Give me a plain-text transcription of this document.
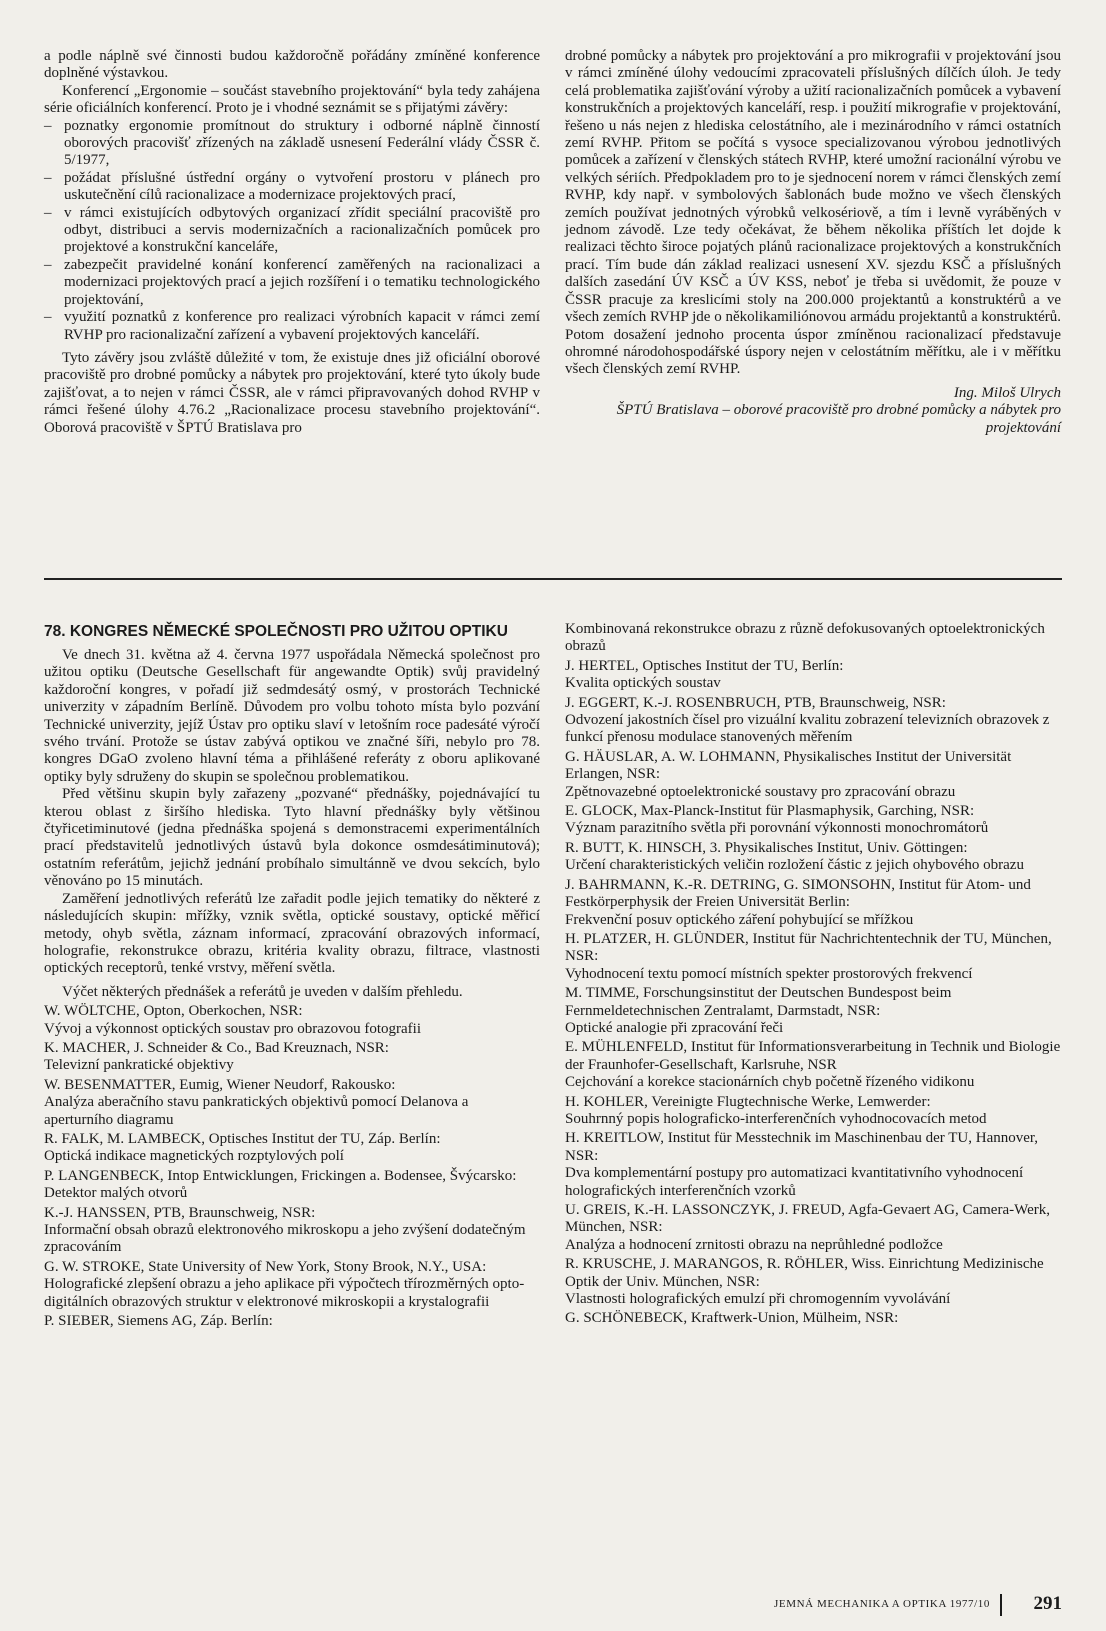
a podle náplně své činnosti budou každoročně pořádány zmíněné konference doplněné výstavkou.

Konferencí „Ergonomie – součást stavebního projektování“ byla tedy zahájena série oficiálních konferencí. Proto je i vhodné seznámit se s přijatými závěry:

– poznatky ergonomie promítnout do struktury i odborné náplně činností oborových pracovišť zřízených na základě usnesení Federální vlády ČSSR č. 5/1977,
– požádat příslušné ústřední orgány o vytvoření prostoru v plánech pro uskutečnění cílů racionalizace a modernizace projektových prací,
– v rámci existujících odbytových organizací zřídit speciální pracoviště pro odbyt, distribuci a servis modernizačních a racionalizačních pomůcek pro projektové a konstrukční kanceláře,
– zabezpečit pravidelné konání konferencí zaměřených na racionalizaci a modernizaci projektových prací a jejich rozšíření i o tematiku technologického projektování,
– využití poznatků z konference pro realizaci výrobních kapacit v rámci zemí RVHP pro racionalizační zařízení a vybavení projektových kanceláří.

Tyto závěry jsou zvláště důležité v tom, že existuje dnes již oficiální oborové pracoviště pro drobné pomůcky a nábytek pro projektování, které tyto úkoly bude zajišťovat, a to nejen v rámci ČSSR, ale v rámci připravovaných dohod RVHP v rámci řešené úlohy 4.76.2 „Racionalizace procesu stavebního projektování“. Oborová pracoviště v ŠPTÚ Bratislava pro

drobné pomůcky a nábytek pro projektování a pro mikrografii v projektování jsou v rámci zmíněné úlohy vedoucími zpracovateli příslušných dílčích úloh. Je tedy celá problematika zajišťování výroby a užití racionalizačních pomůcek a vybavení konstrukčních a projektových kanceláří, resp. i použití mikrografie v projektování, řešeno u nás nejen z hlediska celostátního, ale i mezinárodního v rámci ostatních zemí RVHP. Přitom se počítá s vysoce specializovanou výrobou jednotlivých pomůcek a zařízení v členských státech RVHP, které umožní racionální výrobu ve velkých sériích. Předpokladem pro to je sjednocení norem v rámci členských zemí RVHP, kdy např. v symbolových šablonách bude možno ve všech členských zemích používat jednotných výrobků velkosériově, a tím i levně vyráběných v jednom závodě. Lze tedy očekávat, že během několika příštích let dojde k realizaci těchto široce pojatých plánů racionalizace projektových a konstrukčních prací. Tím bude dán základ realizaci usnesení XV. sjezdu KSČ a příslušných dalších zasedání ÚV KSČ a ÚV KSS, neboť je třeba si uvědomit, že pouze v ČSSR pracuje za kreslicími stoly na 200.000 projektantů a konstruktérů a ve všech zemích RVHP jde o několikamiliónovou armádu projektantů a konstruktérů. Potom dosažení jednoho procenta úspor zmíněnou racionalizací představuje ohromné národohospodářské úspory nejen v celostátním měřítku, ale i v měřítku všech členských zemí RVHP.

Ing. Miloš Ulrych

ŠPTÚ Bratislava – oborové pracoviště pro drobné pomůcky a nábytek pro projektování

78. KONGRES NĚMECKÉ SPOLEČNOSTI PRO UŽITOU OPTIKU

Ve dnech 31. května až 4. června 1977 uspořádala Německá společnost pro užitou optiku (Deutsche Gesellschaft für angewandte Optik) svůj pravidelný každoroční kongres, v pořadí již sedmdesátý osmý, v prostorách Technické univerzity v západním Berlíně. Důvodem pro volbu tohoto místa bylo pozvání Technické univerzity, jejíž Ústav pro optiku slaví v letošním roce padesáté výročí svého trvání. Protože se ústav zabývá optikou ve značné šíři, nebylo pro 78. kongres DGaO zvoleno hlavní téma a přihlášené referáty z oboru aplikované optiky byly sdruženy do skupin se společnou problematikou.

Před většinu skupin byly zařazeny „pozvané“ přednášky, pojednávající tu kterou oblast z širšího hlediska. Tyto hlavní přednášky byly většinou čtyřicetiminutové (jedna přednáška spojená s demonstracemi experimentálních prací představitelů jednotlivých ústavů byla dokonce osmdesátiminutová); ostatním referátům, jejichž jednání probíhalo simultánně ve dvou sekcích, bylo věnováno po 15 minutách.

Zaměření jednotlivých referátů lze zařadit podle jejich tematiky do některé z následujících skupin: mřížky, vznik světla, optické soustavy, optické měřicí metody, ohyb světla, záznam informací, zpracování obrazových informací, holografie, rekonstrukce obrazu, kritéria kvality obrazu, filtrace, vlastnosti optických receptorů, tenké vrstvy, měření světla.

Výčet některých přednášek a referátů je uveden v dalším přehledu.

W. WÖLTCHE, Opton, Oberkochen, NSR:
Vývoj a výkonnost optických soustav pro obrazovou fotografii
K. MACHER, J. Schneider & Co., Bad Kreuznach, NSR:
Televizní pankratické objektivy
W. BESENMATTER, Eumig, Wiener Neudorf, Rakousko:
Analýza aberačního stavu pankratických objektivů pomocí Delanova a aperturního diagramu
R. FALK, M. LAMBECK, Optisches Institut der TU, Záp. Berlín:
Optická indikace magnetických rozptylových polí
P. LANGENBECK, Intop Entwicklungen, Frickingen a. Bodensee, Švýcarsko:
Detektor malých otvorů
K.-J. HANSSEN, PTB, Braunschweig, NSR:
Informační obsah obrazů elektronového mikroskopu a jeho zvýšení dodatečným zpracováním
G. W. STROKE, State University of New York, Stony Brook, N.Y., USA:
Holografické zlepšení obrazu a jeho aplikace při výpočtech třírozměrných opto-digitálních obrazových struktur v elektronové mikroskopii a krystalografii
P. SIEBER, Siemens AG, Záp. Berlín:
Kombinovaná rekonstrukce obrazu z různě defokusovaných optoelektronických obrazů
J. HERTEL, Optisches Institut der TU, Berlín:
Kvalita optických soustav
J. EGGERT, K.-J. ROSENBRUCH, PTB, Braunschweig, NSR:
Odvození jakostních čísel pro vizuální kvalitu zobrazení televizních obrazovek z funkcí přenosu modulace stanovených měřením
G. HÄUSLAR, A. W. LOHMANN, Physikalisches Institut der Universität Erlangen, NSR:
Zpětnovazebné optoelektronické soustavy pro zpracování obrazu
E. GLOCK, Max-Planck-Institut für Plasmaphysik, Garching, NSR:
Význam parazitního světla při porovnání výkonnosti monochromátorů
R. BUTT, K. HINSCH, 3. Physikalisches Institut, Univ. Göttingen:
Určení charakteristických veličin rozložení částic z jejich ohybového obrazu
J. BAHRMANN, K.-R. DETRING, G. SIMONSOHN, Institut für Atom- und Festkörperphysik der Freien Universität Berlin:
Frekvenční posuv optického záření pohybující se mřížkou
H. PLATZER, H. GLÜNDER, Institut für Nachrichtentechnik der TU, München, NSR:
Vyhodnocení textu pomocí místních spekter prostorových frekvencí
M. TIMME, Forschungsinstitut der Deutschen Bundespost beim Fernmeldetechnischen Zentralamt, Darmstadt, NSR:
Optické analogie při zpracování řeči
E. MÜHLENFELD, Institut für Informationsverarbeitung in Technik und Biologie der Fraunhofer-Gesellschaft, Karlsruhe, NSR
Cejchování a korekce stacionárních chyb početně řízeného vidikonu
H. KOHLER, Vereinigte Flugtechnische Werke, Lemwerder:
Souhrnný popis holograficko-interferenčních vyhodnocovacích metod
H. KREITLOW, Institut für Messtechnik im Maschinenbau der TU, Hannover, NSR:
Dva komplementární postupy pro automatizaci kvantitativního vyhodnocení holografických interferenčních vzorků
U. GREIS, K.-H. LASSONCZYK, J. FREUD, Agfa-Gevaert AG, Camera-Werk, München, NSR:
Analýza a hodnocení zrnitosti obrazu na neprůhledné podložce
R. KRUSCHE, J. MARANGOS, R. RÖHLER, Wiss. Einrichtung Medizinische Optik der Univ. München, NSR:
Vlastnosti holografických emulzí při chromogenním vyvolávání
G. SCHÖNEBECK, Kraftwerk-Union, Mülheim, NSR:
JEMNÁ MECHANIKA A OPTIKA 1977/10 291
